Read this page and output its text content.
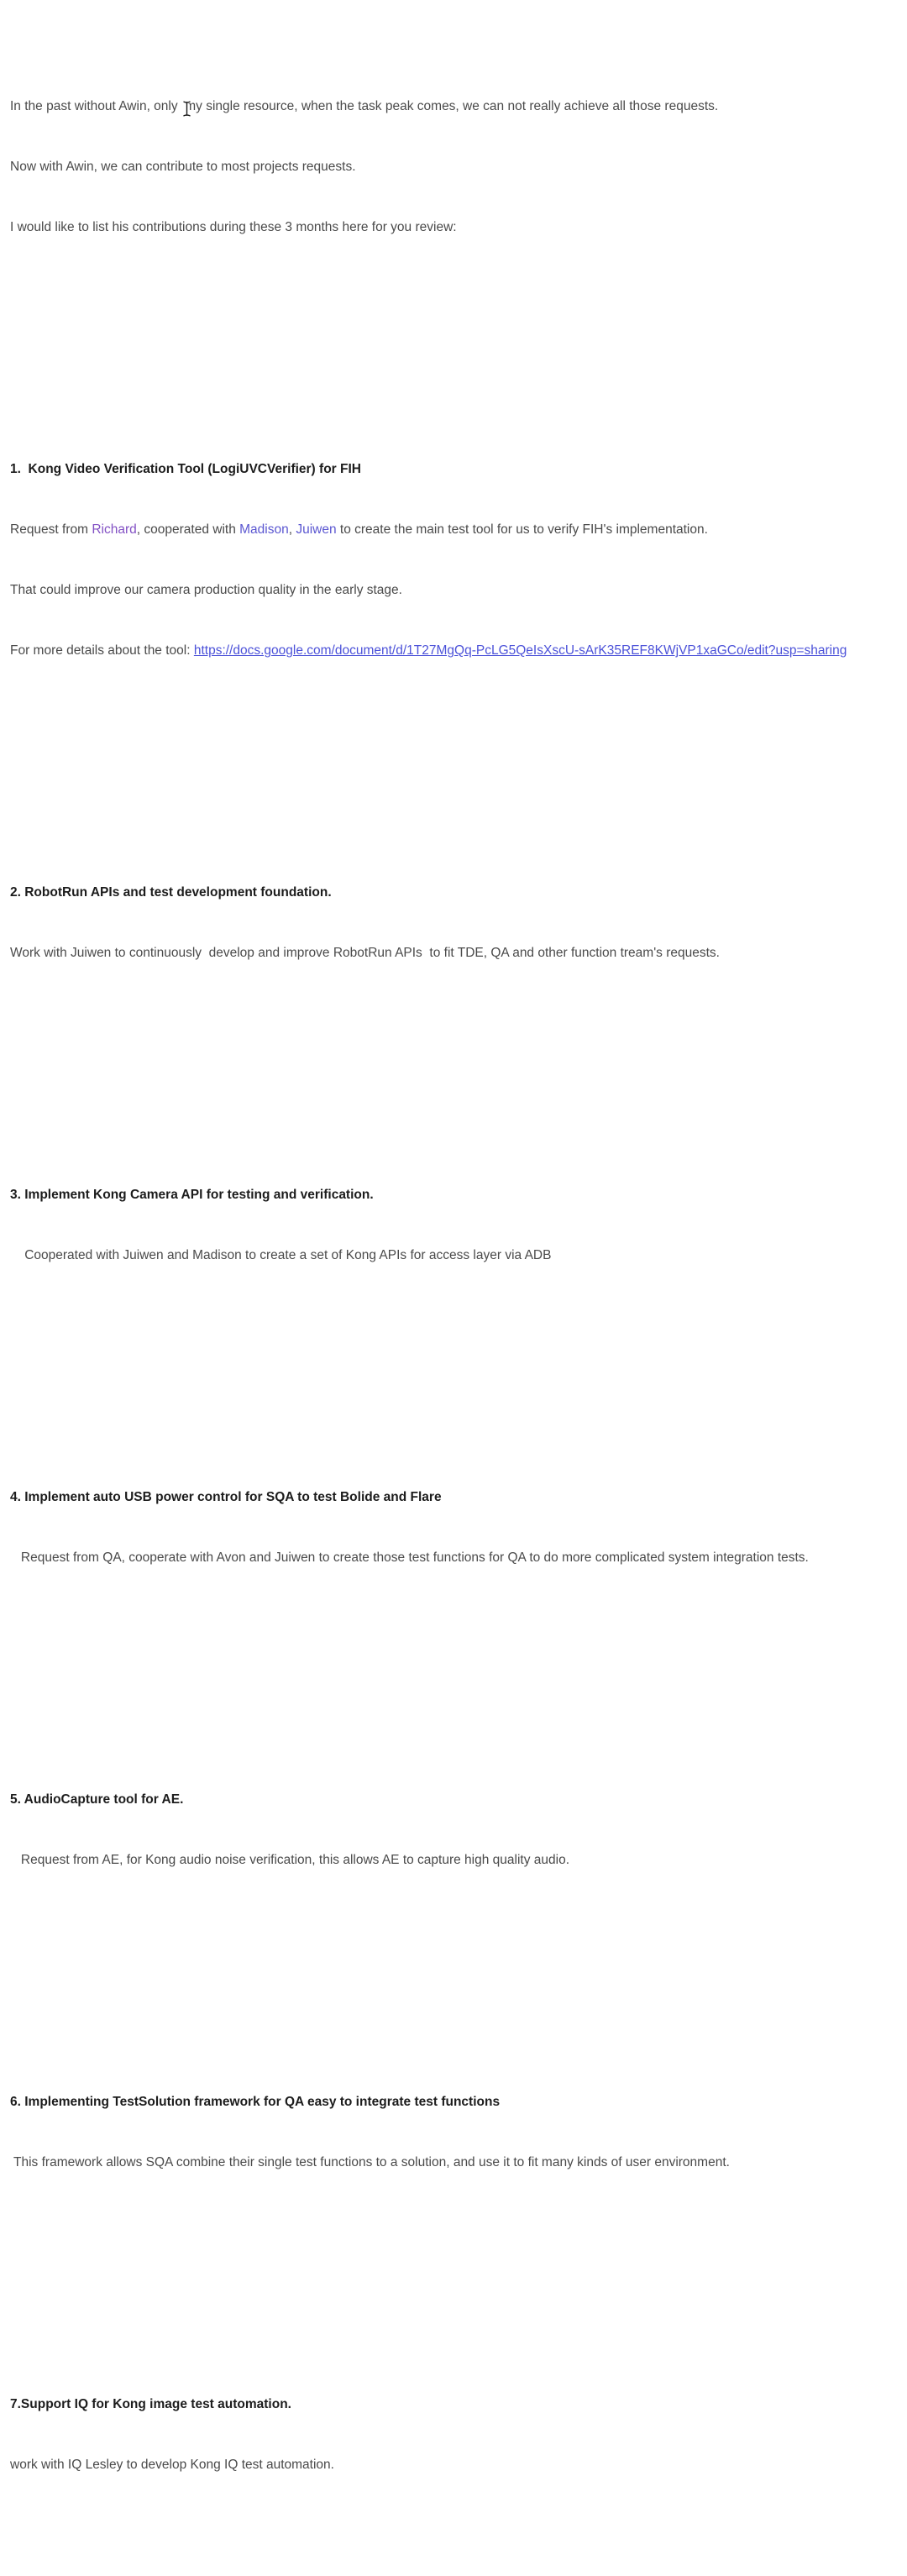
In the past without Awin, only  my single resource, when the task peak comes, we can not really achieve all those requests.

Now with Awin, we can contribute to most projects requests.

I would like to list his contributions during these 3 months here for you review:

1.  Kong Video Verification Tool (LogiUVCVerifier) for FIH

Request from Richard, cooperated with Madison, Juiwen to create the main test tool for us to verify FIH's implementation.

That could improve our camera production quality in the early stage.

For more details about the tool: https://docs.google.com/document/d/1T27MgQq-PcLG5QeIsXscU-sArK35REF8KWjVP1xaGCo/edit?usp=sharing

2. RobotRun APIs and test development foundation.

Work with Juiwen to continuously  develop and improve RobotRun APIs  to fit TDE, QA and other function tream's requests.

3. Implement Kong Camera API for testing and verification.

Cooperated with Juiwen and Madison to create a set of Kong APIs for access layer via ADB

4. Implement auto USB power control for SQA to test Bolide and Flare

Request from QA, cooperate with Avon and Juiwen to create those test functions for QA to do more complicated system integration tests.

5. AudioCapture tool for AE.

Request from AE, for Kong audio noise verification, this allows AE to capture high quality audio.

6. Implementing TestSolution framework for QA easy to integrate test functions

This framework allows SQA combine their single test functions to a solution, and use it to fit many kinds of user environment.

7.Support IQ for Kong image test automation.

work with IQ Lesley to develop Kong IQ test automation.
